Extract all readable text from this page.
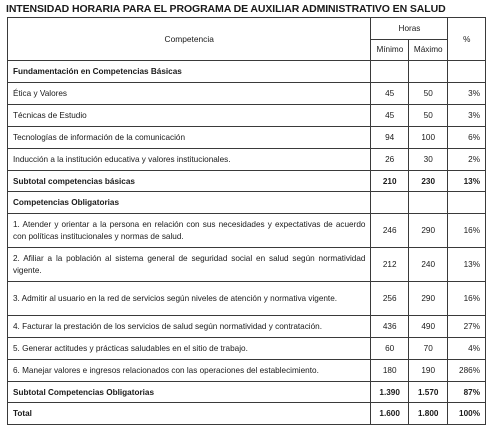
INTENSIDAD HORARIA PARA EL PROGRAMA DE AUXILIAR ADMINISTRATIVO EN SALUD
Competencia	Horas		%
	Mínimo	Máximo	
Fundamentación en Competencias Básicas			
Ética y Valores	45	50	3%
Técnicas de Estudio	45	50	3%
Tecnologías de información de la comunicación	94	100	6%
Inducción a la institución educativa y valores institucionales.	26	30	2%
Subtotal competencias básicas	210	230	13%
Competencias Obligatorias			
1. Atender y orientar a la persona en relación con sus necesidades y expectativas de acuerdo con políticas institucionales y normas de salud.	246	290	16%
2. Afiliar a la población al sistema general de seguridad social en salud según normatividad vigente.	212	240	13%
3. Admitir al usuario en la red de servicios según niveles de atención y normativa vigente.	256	290	16%
4. Facturar la prestación de los servicios de salud según normatividad y contratación.	436	490	27%
5. Generar actitudes y prácticas saludables en el sitio de trabajo.	60	70	4%
6. Manejar valores e ingresos relacionados con las operaciones del establecimiento.	180	190	286%
Subtotal Competencias Obligatorias	1.390	1.570	87%
Total	1.600	1.800	100%
